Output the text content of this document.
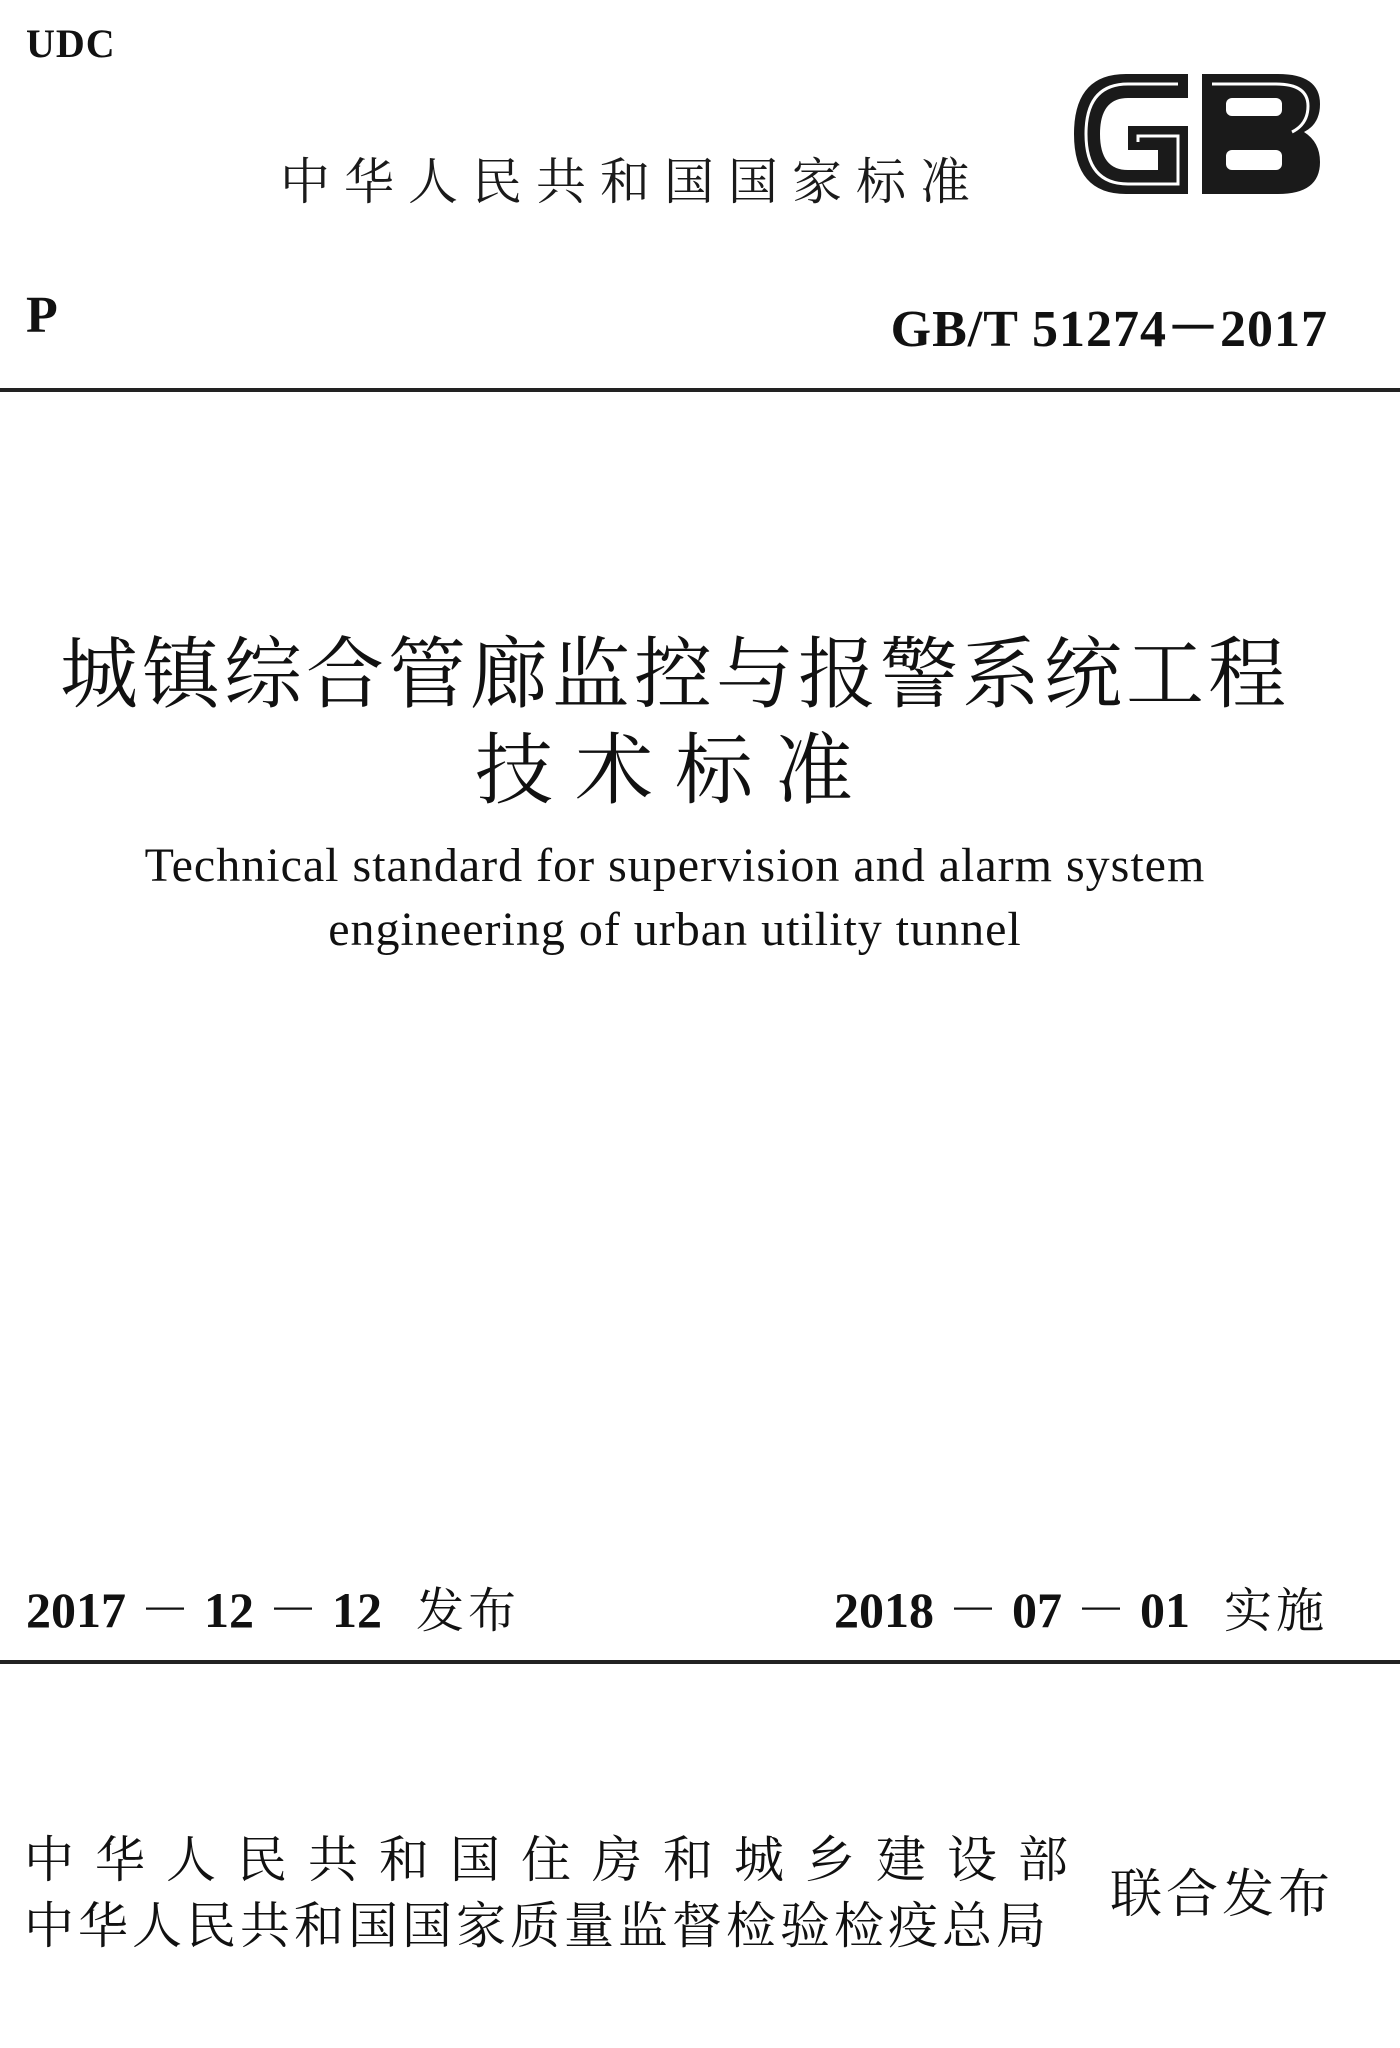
UDC
中华人民共和国国家标准
P	GB/T 51274－2017
城镇综合管廊监控与报警系统工程
技术标准
Technical standard for supervision and alarm system
engineering of urban utility tunnel
2017 － 12 － 12 发布	2018 － 07 － 01 实施
中华人民共和国住房和城乡建设部
中华人民共和国国家质量监督检验检疫总局
联合发布
